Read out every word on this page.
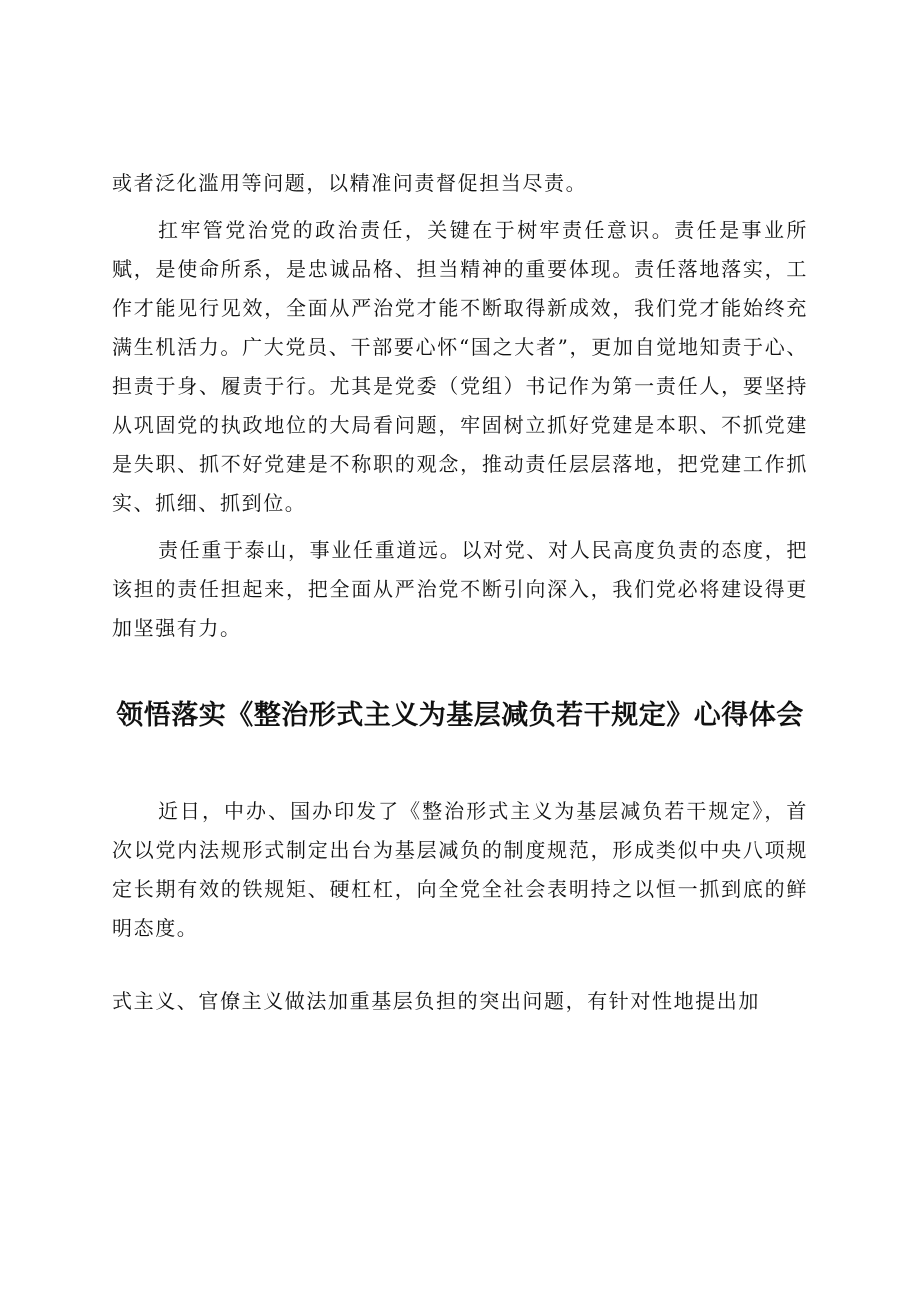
或者泛化滥用等问题，以精准问责督促担当尽责。

扛牢管党治党的政治责任，关键在于树牢责任意识。责任是事业所赋，是使命所系，是忠诚品格、担当精神的重要体现。责任落地落实，工作才能见行见效，全面从严治党才能不断取得新成效，我们党才能始终充满生机活力。广大党员、干部要心怀“国之大者”，更加自觉地知责于心、担责于身、履责于行。尤其是党委（党组）书记作为第一责任人，要坚持从巩固党的执政地位的大局看问题，牢固树立抓好党建是本职、不抓党建是失职、抓不好党建是不称职的观念，推动责任层层落地，把党建工作抓实、抓细、抓到位。

责任重于泰山，事业任重道远。以对党、对人民高度负责的态度，把该担的责任担起来，把全面从严治党不断引向深入，我们党必将建设得更加坚强有力。

领悟落实《整治形式主义为基层减负若干规定》心得体会

近日，中办、国办印发了《整治形式主义为基层减负若干规定》，首次以党内法规形式制定出台为基层减负的制度规范，形成类似中央八项规定长期有效的铁规矩、硬杠杠，向全党全社会表明持之以恒一抓到底的鲜明态度。

式主义、官僚主义做法加重基层负担的突出问题，有针对性地提出加
